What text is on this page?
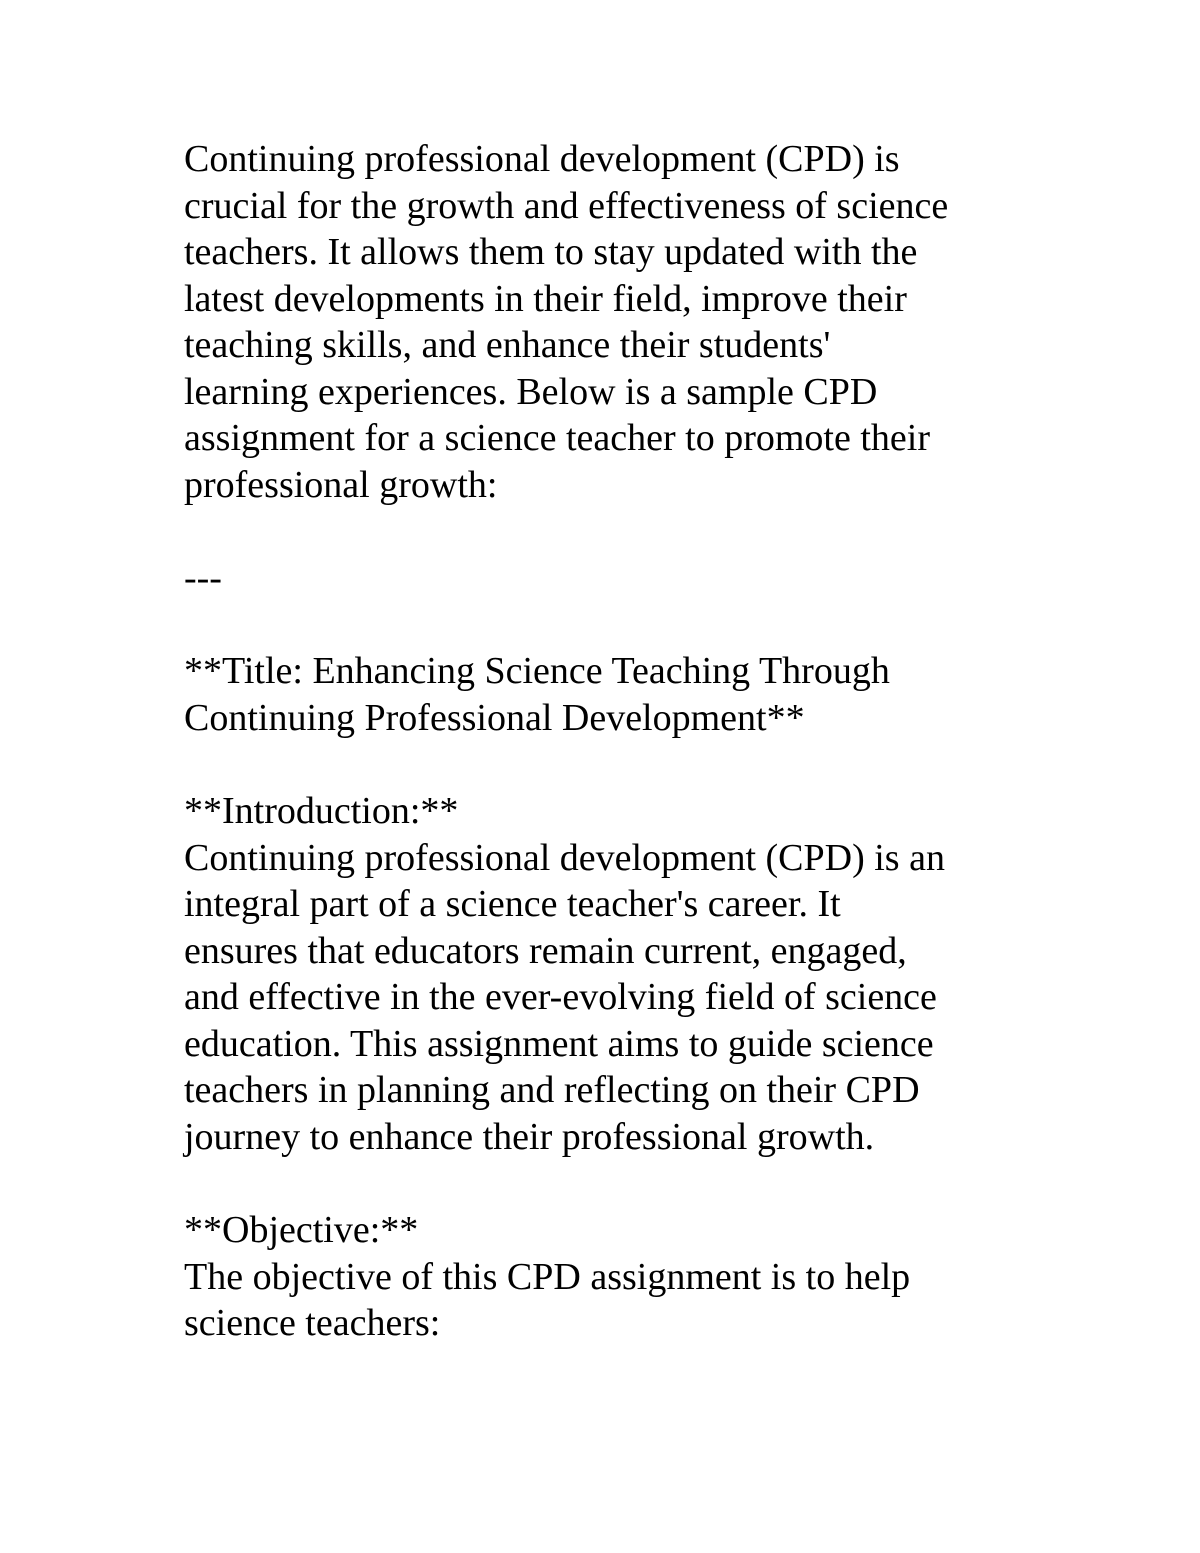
Continuing professional development (CPD) is
crucial for the growth and effectiveness of science
teachers. It allows them to stay updated with the
latest developments in their field, improve their
teaching skills, and enhance their students'
learning experiences. Below is a sample CPD
assignment for a science teacher to promote their
professional growth:

---

**Title: Enhancing Science Teaching Through
Continuing Professional Development**

**Introduction:**
Continuing professional development (CPD) is an
integral part of a science teacher's career. It
ensures that educators remain current, engaged,
and effective in the ever-evolving field of science
education. This assignment aims to guide science
teachers in planning and reflecting on their CPD
journey to enhance their professional growth.

**Objective:**
The objective of this CPD assignment is to help
science teachers:
